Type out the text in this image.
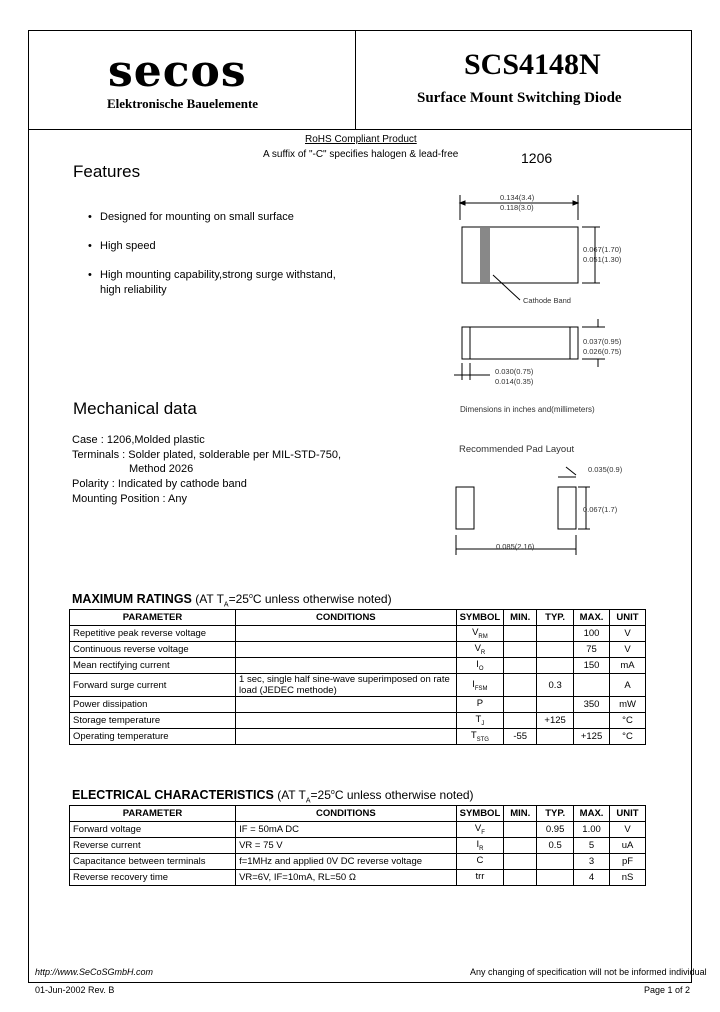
secos
Elektronische Bauelemente
SCS4148N
Surface Mount Switching Diode
RoHS Compliant Product
A suffix of "-C" specifies halogen & lead-free	1206
Features
• Designed for mounting on small surface
• High speed
• High mounting capability,strong surge withstand,
high reliability
Mechanical data
Case : 1206,Molded plastic
Terminals : Solder plated, solderable per MIL-STD-750,
Method 2026
Polarity : Indicated by cathode band
Mounting Position : Any
0.134(3.4)
0.118(3.0)
0.067(1.70)
0.051(1.30)
Cathode Band
0.037(0.95)
0.026(0.75)
0.030(0.75)
0.014(0.35)
Dimensions in inches and(millimeters)
Recommended Pad Layout
0.035(0.9)
0.067(1.7)
0.085(2.16)
MAXIMUM RATINGS (AT $T_A=25^oC$ unless otherwise noted)
PARAMETER	CONDITIONS	SYMBOL	MIN.	TYP.	MAX.	UNIT
Repetitive peak reverse voltage		$V_{RM}$			100	V
Continuous reverse voltage		$V_R$			75	V
Mean rectifying current		$I_O$			150	mA
Forward surge current	1 sec, single half sine-wave superimposed on rate load (JEDEC methode)	$I_{FSM}$		0.3		A
Power dissipation		P			350	mW
Storage temperature		$T_J$		+125		°C
Operating temperature		$T_{STG}$	-55		+125	°C
ELECTRICAL CHARACTERISTICS (AT $T_A=25^oC$ unless otherwise noted)
PARAMETER	CONDITIONS	SYMBOL	MIN.	TYP.	MAX.	UNIT
Forward voltage	IF = 50mA DC	$V_F$		0.95	1.00	V
Reverse current	VR = 75 V	$I_R$		0.5	5	uA
Capacitance between terminals	f=1MHz and applied 0V DC reverse voltage	C			3	pF
Reverse recovery time	VR=6V, IF=10mA, RL=50 Ω	trr			4	nS
http://www.SeCoSGmbH.com	Any changing of specification will not be informed individual
01-Jun-2002 Rev. B	Page 1 of 2
